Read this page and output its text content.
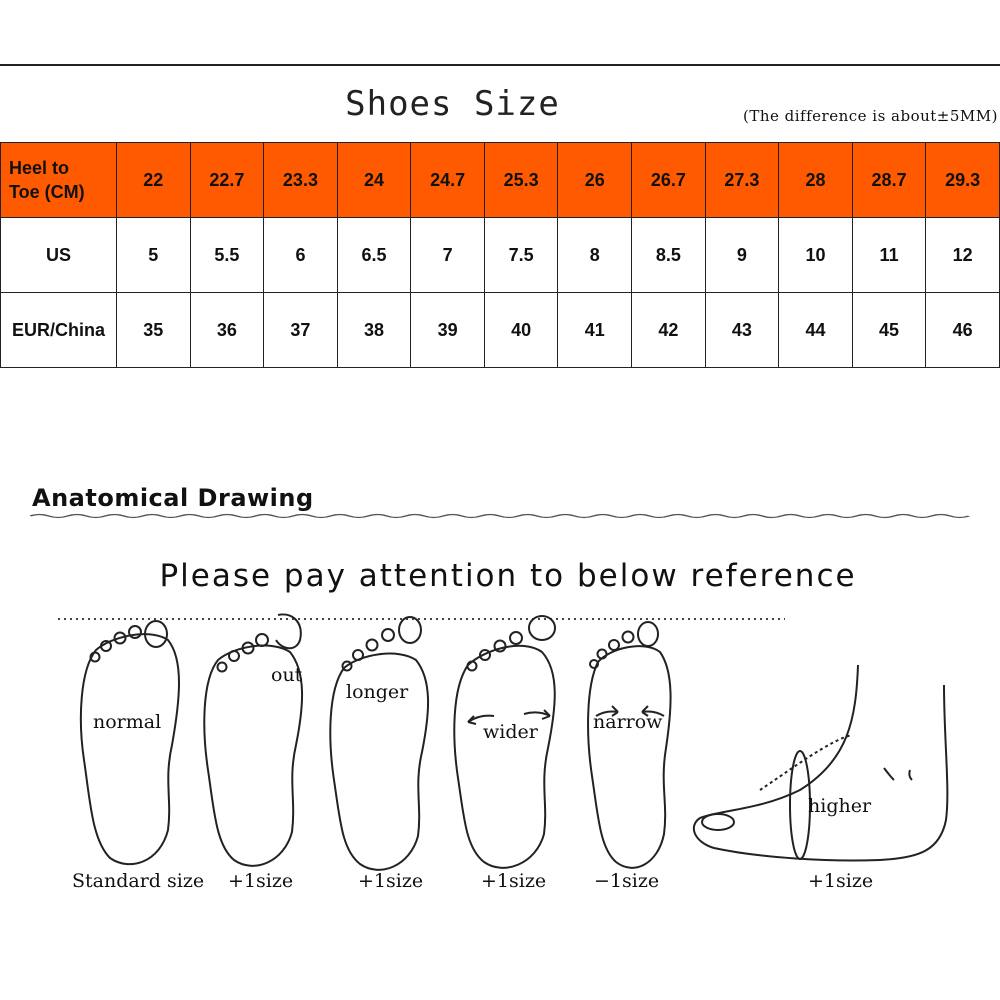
Shoes Size	(The difference is about±5MM)
Heel to
Toe (CM)	22	22.7	23.3	24	24.7	25.3	26	26.7	27.3	28	28.7	29.3
US	5	5.5	6	6.5	7	7.5	8	8.5	9	10	11	12
EUR/China	35	36	37	38	39	40	41	42	43	44	45	46
Anatomical Drawing
Please pay attention to below reference
normal
out
longer
wider	narrow
higher
Standard size +1size	+1size	+1size	−1size	+1size
